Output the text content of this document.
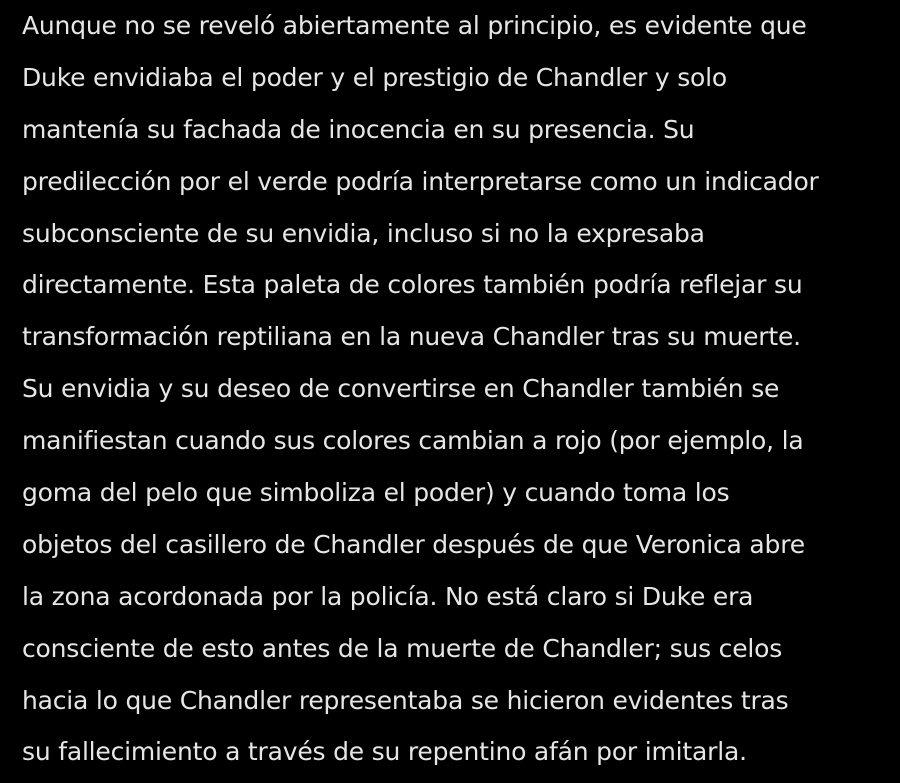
Aunque no se reveló abiertamente al principio, es evidente que
Duke envidiaba el poder y el prestigio de Chandler y solo
mantenía su fachada de inocencia en su presencia. Su
predilección por el verde podría interpretarse como un indicador
subconsciente de su envidia, incluso si no la expresaba
directamente. Esta paleta de colores también podría reflejar su
transformación reptiliana en la nueva Chandler tras su muerte.
Su envidia y su deseo de convertirse en Chandler también se
manifiestan cuando sus colores cambian a rojo (por ejemplo, la
goma del pelo que simboliza el poder) y cuando toma los
objetos del casillero de Chandler después de que Veronica abre
la zona acordonada por la policía. No está claro si Duke era
consciente de esto antes de la muerte de Chandler; sus celos
hacia lo que Chandler representaba se hicieron evidentes tras
su fallecimiento a través de su repentino afán por imitarla.
